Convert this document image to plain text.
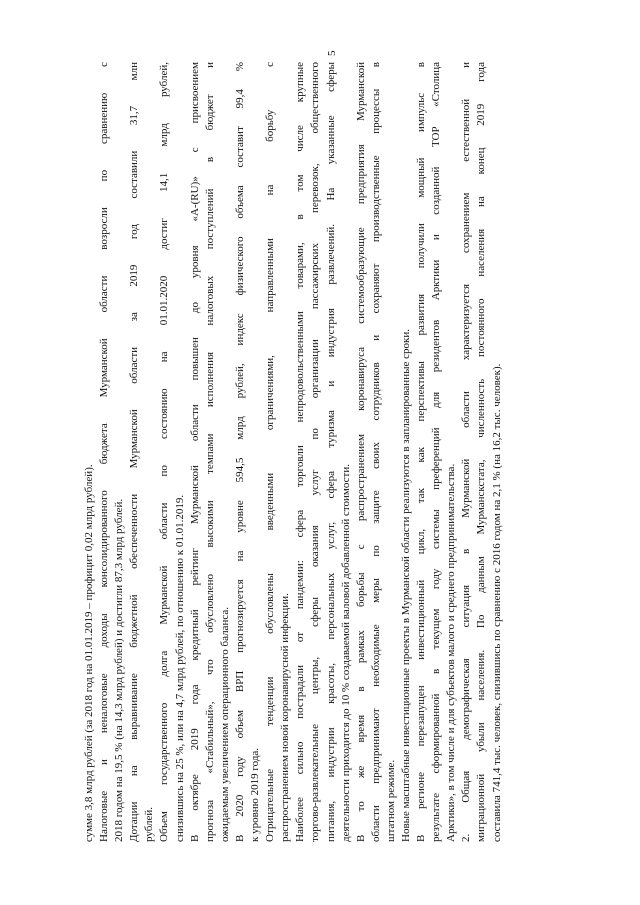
5
сумме 3,8 млрд рублей (за 2018 год на 01.01.2019 – профицит 0,02 млрд рублей). Налоговые и неналоговые доходы консолидированного бюджета Мурманской области возросли по сравнению с 2018 годом на 19,5 % (на 14,3 млрд рублей) и достигли 87,3 млрд рублей. Дотации на выравнивание бюджетной обеспеченности Мурманской области за 2019 год составили 31,7 млн рублей. Объем государственного долга Мурманской области по состоянию на 01.01.2020 достиг 14,1 млрд рублей, снизившись на 25 %, или на 4,7 млрд рублей, по отношению к 01.01.2019. В октябре 2019 года кредитный рейтинг Мурманской области повышен до уровня «A-(RU)» с присвоением прогноза «Стабильный», что обусловлено высокими темпами исполнения налоговых поступлений в бюджет и ожидаемым увеличением операционного баланса. В 2020 году объем ВРП прогнозируется на уровне 594,5 млрд рублей, индекс физического объема составит 99,4 % к уровню 2019 года. Отрицательные тенденции обусловлены введенными ограничениями, направленными на борьбу с распространением новой коронавирусной инфекции. Наиболее сильно пострадали от пандемии: сфера торговли непродовольственными товарами, в том числе крупные торгово-развлекательные центры, сферы оказания услуг по организации пассажирских перевозок, общественного питания, индустрии красоты, персональных услуг, сфера туризма и индустрия развлечений. На указанные сферы деятельности приходится до 10 % создаваемой валовой добавленной стоимости. В то же время в рамках борьбы с распространением коронавируса системообразующие предприятия Мурманской области предпринимают необходимые меры по защите своих сотрудников и сохраняют производственные процессы в штатном режиме. Новые масштабные инвестиционные проекты в Мурманской области реализуются в запланированные сроки. В регионе перезапущен инвестиционный цикл, так как перспективы развития получили мощный импульс в результате сформированной в текущем году системы преференций для резидентов Арктики и созданной ТОР «Столица Арктики», в том числе и для субъектов малого и среднего предпринимательства. 2. Общая демографическая ситуация в Мурманской области характеризуется сохранением естественной и миграционной убыли населения. По данным Мурманскстата, численность постоянного населения на конец 2019 года составила 741,4 тыс. человек, снизившись по сравнению с 2016 годом на 2,1 % (на 16,2 тыс. человек).
